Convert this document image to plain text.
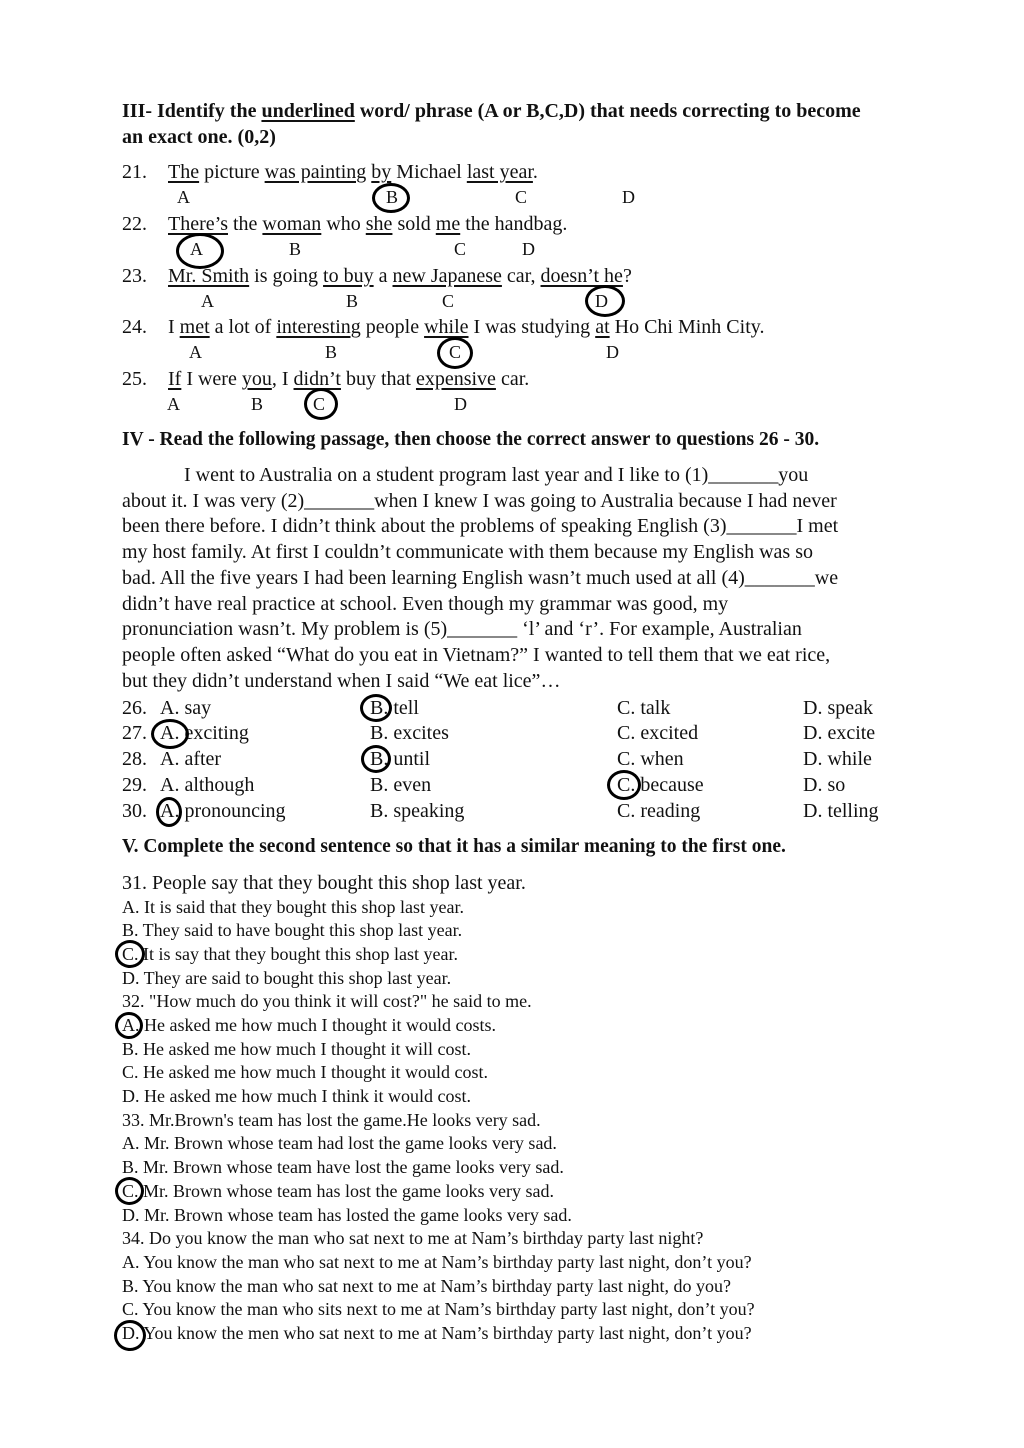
III- Identify the underlined word/ phrase (A or B,C,D) that needs correcting to become
an exact one. (0,2)
21. The picture was painting by Michael last year.
A	B	C	D
22. There’s the woman who she sold me the handbag.
A	B	C	D
23. Mr. Smith is going to buy a new Japanese car, doesn’t he?
A	B	C	D
24. I met a lot of interesting people while I was studying at Ho Chi Minh City.
A	B	C	D
25. If I were you, I didn’t buy that expensive car.
A	B	C	D
IV - Read the following passage, then choose the correct answer to questions 26 - 30.
I went to Australia on a student program last year and I like to (1)_______you
about it. I was very (2)_______when I knew I was going to Australia because I had never
been there before. I didn’t think about the problems of speaking English (3)_______I met
my host family. At first I couldn’t communicate with them because my English was so
bad. All the five years I had been learning English wasn’t much used at all (4)_______we
didn’t have real practice at school. Even though my grammar was good, my
pronunciation wasn’t. My problem is (5)_______ ‘l’ and ‘r’. For example, Australian
people often asked “What do you eat in Vietnam?” I wanted to tell them that we eat rice,
but they didn’t understand when I said “We eat lice”…
26. A. say	B. tell	C. talk	D. speak
27. A. exciting	B. excites	C. excited	D. excite
28. A. after	B. until	C. when	D. while
29. A. although	B. even	C. because	D. so
30. A. pronouncing	B. speaking	C. reading	D. telling
V. Complete the second sentence so that it has a similar meaning to the first one.
31. People say that they bought this shop last year.
A. It is said that they bought this shop last year.
B. They said to have bought this shop last year.
C. It is say that they bought this shop last year.
D. They are said to bought this shop last year.
32. "How much do you think it will cost?" he said to me.
A. He asked me how much I thought it would costs.
B. He asked me how much I thought it will cost.
C. He asked me how much I thought it would cost.
D. He asked me how much I think it would cost.
33. Mr.Brown's team has lost the game.He looks very sad.
A. Mr. Brown whose team had lost the game looks very sad.
B. Mr. Brown whose team have lost the game looks very sad.
C. Mr. Brown whose team has lost the game looks very sad.
D. Mr. Brown whose team has losted the game looks very sad.
34. Do you know the man who sat next to me at Nam’s birthday party last night?
A. You know the man who sat next to me at Nam’s birthday party last night, don’t you?
B. You know the man who sat next to me at Nam’s birthday party last night, do you?
C. You know the man who sits next to me at Nam’s birthday party last night, don’t you?
D. You know the men who sat next to me at Nam’s birthday party last night, don’t you?
